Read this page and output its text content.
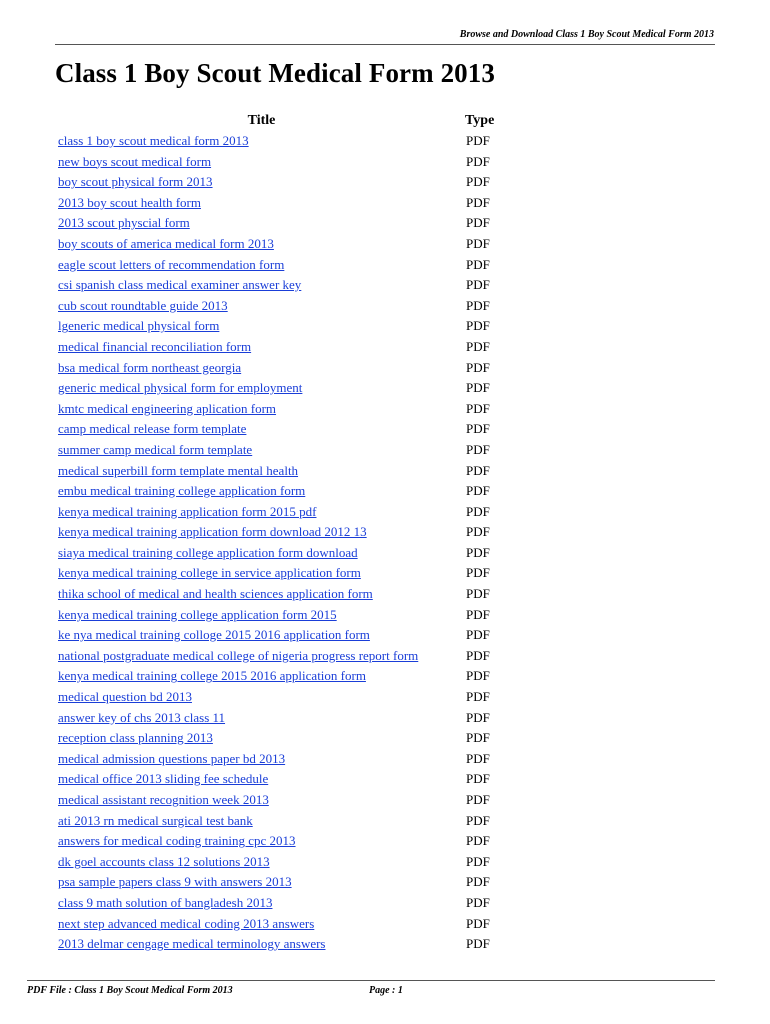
Browse and Download Class 1 Boy Scout Medical Form 2013
Class 1 Boy Scout Medical Form 2013
Title	Type
class 1 boy scout medical form 2013	PDF
new boys scout medical form	PDF
boy scout physical form 2013	PDF
2013 boy scout health form	PDF
2013 scout physcial form	PDF
boy scouts of america medical form 2013	PDF
eagle scout letters of recommendation form	PDF
csi spanish class medical examiner answer key	PDF
cub scout roundtable guide 2013	PDF
lgeneric medical physical form	PDF
medical financial reconciliation form	PDF
bsa medical form northeast georgia	PDF
generic medical physical form for employment	PDF
kmtc medical engineering aplication form	PDF
camp medical release form template	PDF
summer camp medical form template	PDF
medical superbill form template mental health	PDF
embu medical training college application form	PDF
kenya medical training application form 2015 pdf	PDF
kenya medical training application form download 2012 13	PDF
siaya medical training college application form download	PDF
kenya medical training college in service application form	PDF
thika school of medical and health sciences application form	PDF
kenya medical training college application form 2015	PDF
ke nya medical training colloge 2015 2016 application form	PDF
national postgraduate medical college of nigeria progress report form	PDF
kenya medical training college 2015 2016 application form	PDF
medical question bd 2013	PDF
answer key of chs 2013 class 11	PDF
reception class planning 2013	PDF
medical admission questions paper bd 2013	PDF
medical office 2013 sliding fee schedule	PDF
medical assistant recognition week 2013	PDF
ati 2013 rn medical surgical test bank	PDF
answers for medical coding training cpc 2013	PDF
dk goel accounts class 12 solutions 2013	PDF
psa sample papers class 9 with answers 2013	PDF
class 9 math solution of bangladesh 2013	PDF
next step advanced medical coding 2013 answers	PDF
2013 delmar cengage medical terminology answers	PDF
PDF File : Class 1 Boy Scout Medical Form 2013	Page : 1
